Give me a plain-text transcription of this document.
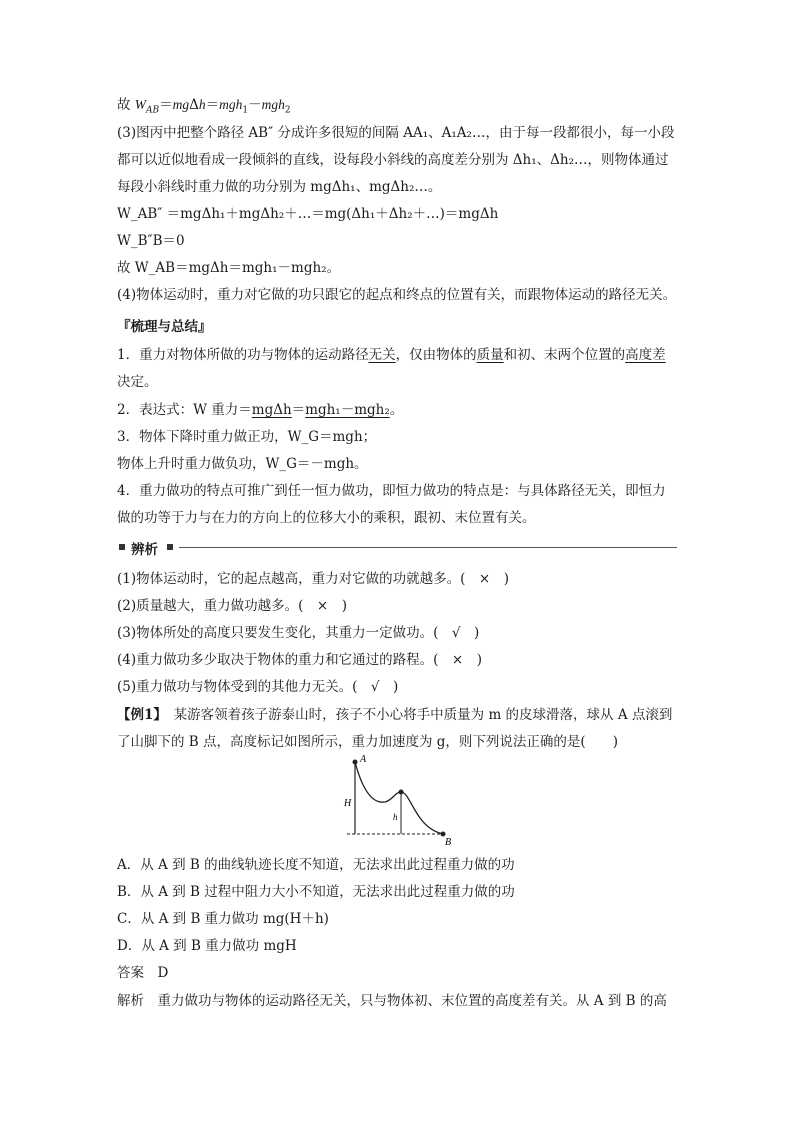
故 $W_{AB}=mg\Delta h=mgh_1-mgh_2$
(3)图丙中把整个路径 AB″ 分成许多很短的间隔 AA₁、A₁A₂…，由于每一段都很小，每一小段
都可以近似地看成一段倾斜的直线，设每段小斜线的高度差分别为 Δh₁、Δh₂…，则物体通过
每段小斜线时重力做的功分别为 mgΔh₁、mgΔh₂…。
W_AB″ ＝mgΔh₁＋mgΔh₂＋…＝mg(Δh₁＋Δh₂＋…)＝mgΔh
W_B″B＝0
故 W_AB＝mgΔh＝mgh₁－mgh₂。
(4)物体运动时，重力对它做的功只跟它的起点和终点的位置有关，而跟物体运动的路径无关。
『梳理与总结』
1．重力对物体所做的功与物体的运动路径无关，仅由物体的质量和初、末两个位置的高度差
决定。
2．表达式：W 重力＝mgΔh＝mgh₁－mgh₂。
3．物体下降时重力做正功，W_G＝mgh；
物体上升时重力做负功，W_G＝－mgh。
4．重力做功的特点可推广到任一恒力做功，即恒力做功的特点是：与具体路径无关，即恒力
做的功等于力与在力的方向上的位移大小的乘积，跟初、末位置有关。
辨析
(1)物体运动时，它的起点越高，重力对它做的功就越多。(　×　)
(2)质量越大，重力做功越多。(　×　)
(3)物体所处的高度只要发生变化，其重力一定做功。(　√　)
(4)重力做功多少取决于物体的重力和它通过的路程。(　×　)
(5)重力做功与物体受到的其他力无关。(　√　)
【例1】　某游客领着孩子游泰山时，孩子不小心将手中质量为 m 的皮球滑落，球从 A 点滚到
了山脚下的 B 点，高度标记如图所示，重力加速度为 g，则下列说法正确的是(　　)
A
B
H
h
A．从 A 到 B 的曲线轨迹长度不知道，无法求出此过程重力做的功
B．从 A 到 B 过程中阻力大小不知道，无法求出此过程重力做的功
C．从 A 到 B 重力做功 mg(H＋h)
D．从 A 到 B 重力做功 mgH
答案　D
解析　重力做功与物体的运动路径无关，只与物体初、末位置的高度差有关。从 A 到 B 的高
